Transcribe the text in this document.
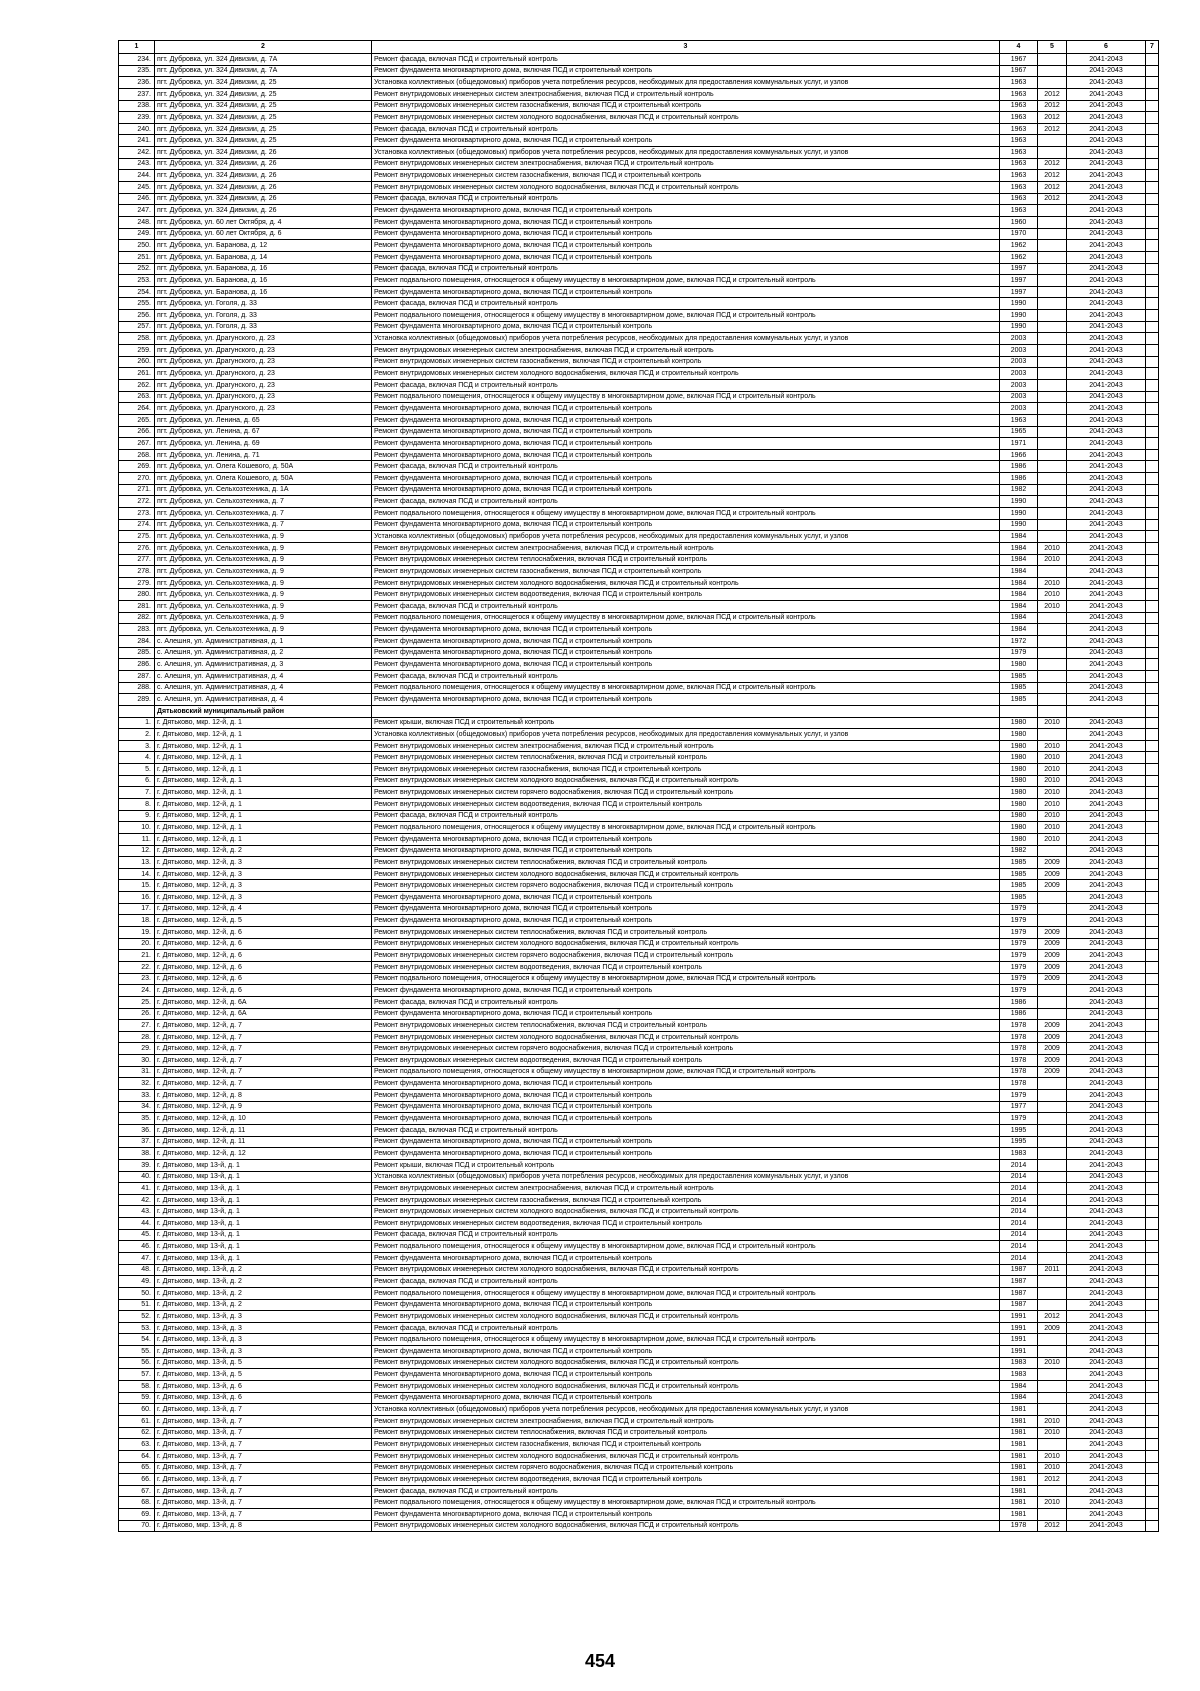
1	2	3	4	5	6	7
234.	пгт. Дубровка, ул. 324 Дивизии, д. 7А	Ремонт фасада, включая ПСД и строительный контроль	1967		2041-2043	
235.	пгт. Дубровка, ул. 324 Дивизии, д. 7А	Ремонт фундамента многоквартирного дома, включая ПСД и строительный контроль	1967		2041-2043	
236.	пгт. Дубровка, ул. 324 Дивизии, д. 25	Установка коллективных (общедомовых) приборов учета потребления ресурсов, необходимых для предоставления коммунальных услуг, и узлов	1963		2041-2043	
237.	пгт. Дубровка, ул. 324 Дивизии, д. 25	Ремонт внутридомовых инженерных систем электроснабжения, включая ПСД и строительный контроль	1963	2012	2041-2043	
238.	пгт. Дубровка, ул. 324 Дивизии, д. 25	Ремонт внутридомовых инженерных систем газоснабжения, включая ПСД и строительный контроль	1963	2012	2041-2043	
239.	пгт. Дубровка, ул. 324 Дивизии, д. 25	Ремонт внутридомовых инженерных систем холодного водоснабжения, включая ПСД и строительный контроль	1963	2012	2041-2043	
240.	пгт. Дубровка, ул. 324 Дивизии, д. 25	Ремонт фасада, включая ПСД и строительный контроль	1963	2012	2041-2043	
241.	пгт. Дубровка, ул. 324 Дивизии, д. 25	Ремонт фундамента многоквартирного дома, включая ПСД и строительный контроль	1963		2041-2043	
242.	пгт. Дубровка, ул. 324 Дивизии, д. 26	Установка коллективных (общедомовых) приборов учета потребления ресурсов, необходимых для предоставления коммунальных услуг, и узлов	1963		2041-2043	
243.	пгт. Дубровка, ул. 324 Дивизии, д. 26	Ремонт внутридомовых инженерных систем электроснабжения, включая ПСД и строительный контроль	1963	2012	2041-2043	
244.	пгт. Дубровка, ул. 324 Дивизии, д. 26	Ремонт внутридомовых инженерных систем газоснабжения, включая ПСД и строительный контроль	1963	2012	2041-2043	
245.	пгт. Дубровка, ул. 324 Дивизии, д. 26	Ремонт внутридомовых инженерных систем холодного водоснабжения, включая ПСД и строительный контроль	1963	2012	2041-2043	
246.	пгт. Дубровка, ул. 324 Дивизии, д. 26	Ремонт фасада, включая ПСД и строительный контроль	1963	2012	2041-2043	
247.	пгт. Дубровка, ул. 324 Дивизии, д. 26	Ремонт фундамента многоквартирного дома, включая ПСД и строительный контроль	1963		2041-2043	
248.	пгт. Дубровка, ул. 60 лет Октября, д. 4	Ремонт фундамента многоквартирного дома, включая ПСД и строительный контроль	1960		2041-2043	
249.	пгт. Дубровка, ул. 60 лет Октября, д. 6	Ремонт фундамента многоквартирного дома, включая ПСД и строительный контроль	1970		2041-2043	
250.	пгт. Дубровка, ул. Баранова, д. 12	Ремонт фундамента многоквартирного дома, включая ПСД и строительный контроль	1962		2041-2043	
251.	пгт. Дубровка, ул. Баранова, д. 14	Ремонт фундамента многоквартирного дома, включая ПСД и строительный контроль	1962		2041-2043	
252.	пгт. Дубровка, ул. Баранова, д. 16	Ремонт фасада, включая ПСД и строительный контроль	1997		2041-2043	
253.	пгт. Дубровка, ул. Баранова, д. 16	Ремонт подвального помещения, относящегося к общему имуществу в многоквартирном доме, включая ПСД и строительный контроль	1997		2041-2043	
254.	пгт. Дубровка, ул. Баранова, д. 16	Ремонт фундамента многоквартирного дома, включая ПСД и строительный контроль	1997		2041-2043	
255.	пгт. Дубровка, ул. Гоголя, д. 33	Ремонт фасада, включая ПСД и строительный контроль	1990		2041-2043	
256.	пгт. Дубровка, ул. Гоголя, д. 33	Ремонт подвального помещения, относящегося к общему имуществу в многоквартирном доме, включая ПСД и строительный контроль	1990		2041-2043	
257.	пгт. Дубровка, ул. Гоголя, д. 33	Ремонт фундамента многоквартирного дома, включая ПСД и строительный контроль	1990		2041-2043	
258.	пгт. Дубровка, ул. Драгунского, д. 23	Установка коллективных (общедомовых) приборов учета потребления ресурсов, необходимых для предоставления коммунальных услуг, и узлов	2003		2041-2043	
259.	пгт. Дубровка, ул. Драгунского, д. 23	Ремонт внутридомовых инженерных систем электроснабжения, включая ПСД и строительный контроль	2003		2041-2043	
260.	пгт. Дубровка, ул. Драгунского, д. 23	Ремонт внутридомовых инженерных систем газоснабжения, включая ПСД и строительный контроль	2003		2041-2043	
261.	пгт. Дубровка, ул. Драгунского, д. 23	Ремонт внутридомовых инженерных систем холодного водоснабжения, включая ПСД и строительный контроль	2003		2041-2043	
262.	пгт. Дубровка, ул. Драгунского, д. 23	Ремонт фасада, включая ПСД и строительный контроль	2003		2041-2043	
263.	пгт. Дубровка, ул. Драгунского, д. 23	Ремонт подвального помещения, относящегося к общему имуществу в многоквартирном доме, включая ПСД и строительный контроль	2003		2041-2043	
264.	пгт. Дубровка, ул. Драгунского, д. 23	Ремонт фундамента многоквартирного дома, включая ПСД и строительный контроль	2003		2041-2043	
265.	пгт. Дубровка, ул. Ленина, д. 65	Ремонт фундамента многоквартирного дома, включая ПСД и строительный контроль	1963		2041-2043	
266.	пгт. Дубровка, ул. Ленина, д. 67	Ремонт фундамента многоквартирного дома, включая ПСД и строительный контроль	1965		2041-2043	
267.	пгт. Дубровка, ул. Ленина, д. 69	Ремонт фундамента многоквартирного дома, включая ПСД и строительный контроль	1971		2041-2043	
268.	пгт. Дубровка, ул. Ленина, д. 71	Ремонт фундамента многоквартирного дома, включая ПСД и строительный контроль	1966		2041-2043	
269.	пгт. Дубровка, ул. Олега Кошевого, д. 50А	Ремонт фасада, включая ПСД и строительный контроль	1986		2041-2043	
270.	пгт. Дубровка, ул. Олега Кошевого, д. 50А	Ремонт фундамента многоквартирного дома, включая ПСД и строительный контроль	1986		2041-2043	
271.	пгт. Дубровка, ул. Сельхозтехника, д. 1А	Ремонт фундамента многоквартирного дома, включая ПСД и строительный контроль	1982		2041-2043	
272.	пгт. Дубровка, ул. Сельхозтехника, д. 7	Ремонт фасада, включая ПСД и строительный контроль	1990		2041-2043	
273.	пгт. Дубровка, ул. Сельхозтехника, д. 7	Ремонт подвального помещения, относящегося к общему имуществу в многоквартирном доме, включая ПСД и строительный контроль	1990		2041-2043	
274.	пгт. Дубровка, ул. Сельхозтехника, д. 7	Ремонт фундамента многоквартирного дома, включая ПСД и строительный контроль	1990		2041-2043	
275.	пгт. Дубровка, ул. Сельхозтехника, д. 9	Установка коллективных (общедомовых) приборов учета потребления ресурсов, необходимых для предоставления коммунальных услуг, и узлов	1984		2041-2043	
276.	пгт. Дубровка, ул. Сельхозтехника, д. 9	Ремонт внутридомовых инженерных систем электроснабжения, включая ПСД и строительный контроль	1984	2010	2041-2043	
277.	пгт. Дубровка, ул. Сельхозтехника, д. 9	Ремонт внутридомовых инженерных систем теплоснабжения, включая ПСД и строительный контроль	1984	2010	2041-2043	
278.	пгт. Дубровка, ул. Сельхозтехника, д. 9	Ремонт внутридомовых инженерных систем газоснабжения, включая ПСД и строительный контроль	1984		2041-2043	
279.	пгт. Дубровка, ул. Сельхозтехника, д. 9	Ремонт внутридомовых инженерных систем холодного водоснабжения, включая ПСД и строительный контроль	1984	2010	2041-2043	
280.	пгт. Дубровка, ул. Сельхозтехника, д. 9	Ремонт внутридомовых инженерных систем водоотведения, включая ПСД и строительный контроль	1984	2010	2041-2043	
281.	пгт. Дубровка, ул. Сельхозтехника, д. 9	Ремонт фасада, включая ПСД и строительный контроль	1984	2010	2041-2043	
282.	пгт. Дубровка, ул. Сельхозтехника, д. 9	Ремонт подвального помещения, относящегося к общему имуществу в многоквартирном доме, включая ПСД и строительный контроль	1984		2041-2043	
283.	пгт. Дубровка, ул. Сельхозтехника, д. 9	Ремонт фундамента многоквартирного дома, включая ПСД и строительный контроль	1984		2041-2043	
284.	с. Алешня, ул. Административная, д. 1	Ремонт фундамента многоквартирного дома, включая ПСД и строительный контроль	1972		2041-2043	
285.	с. Алешня, ул. Административная, д. 2	Ремонт фундамента многоквартирного дома, включая ПСД и строительный контроль	1979		2041-2043	
286.	с. Алешня, ул. Административная, д. 3	Ремонт фундамента многоквартирного дома, включая ПСД и строительный контроль	1980		2041-2043	
287.	с. Алешня, ул. Административная, д. 4	Ремонт фасада, включая ПСД и строительный контроль	1985		2041-2043	
288.	с. Алешня, ул. Административная, д. 4	Ремонт подвального помещения, относящегося к общему имуществу в многоквартирном доме, включая ПСД и строительный контроль	1985		2041-2043	
289.	с. Алешня, ул. Административная, д. 4	Ремонт фундамента многоквартирного дома, включая ПСД и строительный контроль	1985		2041-2043	
	Дятьковский муниципальный район					
1.	г. Дятьково, мкр. 12-й, д. 1	Ремонт крыши, включая ПСД и строительный контроль	1980	2010	2041-2043	
2.	г. Дятьково, мкр. 12-й, д. 1	Установка коллективных (общедомовых) приборов учета потребления ресурсов, необходимых для предоставления коммунальных услуг, и узлов	1980		2041-2043	
3.	г. Дятьково, мкр. 12-й, д. 1	Ремонт внутридомовых инженерных систем электроснабжения, включая ПСД и строительный контроль	1980	2010	2041-2043	
4.	г. Дятьково, мкр. 12-й, д. 1	Ремонт внутридомовых инженерных систем теплоснабжения, включая ПСД и строительный контроль	1980	2010	2041-2043	
5.	г. Дятьково, мкр. 12-й, д. 1	Ремонт внутридомовых инженерных систем газоснабжения, включая ПСД и строительный контроль	1980	2010	2041-2043	
6.	г. Дятьково, мкр. 12-й, д. 1	Ремонт внутридомовых инженерных систем холодного водоснабжения, включая ПСД и строительный контроль	1980	2010	2041-2043	
7.	г. Дятьково, мкр. 12-й, д. 1	Ремонт внутридомовых инженерных систем горячего водоснабжения, включая ПСД и строительный контроль	1980	2010	2041-2043	
8.	г. Дятьково, мкр. 12-й, д. 1	Ремонт внутридомовых инженерных систем водоотведения, включая ПСД и строительный контроль	1980	2010	2041-2043	
9.	г. Дятьково, мкр. 12-й, д. 1	Ремонт фасада, включая ПСД и строительный контроль	1980	2010	2041-2043	
10.	г. Дятьково, мкр. 12-й, д. 1	Ремонт подвального помещения, относящегося к общему имуществу в многоквартирном доме, включая ПСД и строительный контроль	1980	2010	2041-2043	
11.	г. Дятьково, мкр. 12-й, д. 1	Ремонт фундамента многоквартирного дома, включая ПСД и строительный контроль	1980	2010	2041-2043	
12.	г. Дятьково, мкр. 12-й, д. 2	Ремонт фундамента многоквартирного дома, включая ПСД и строительный контроль	1982		2041-2043	
13.	г. Дятьково, мкр. 12-й, д. 3	Ремонт внутридомовых инженерных систем теплоснабжения, включая ПСД и строительный контроль	1985	2009	2041-2043	
14.	г. Дятьково, мкр. 12-й, д. 3	Ремонт внутридомовых инженерных систем холодного водоснабжения, включая ПСД и строительный контроль	1985	2009	2041-2043	
15.	г. Дятьково, мкр. 12-й, д. 3	Ремонт внутридомовых инженерных систем горячего водоснабжения, включая ПСД и строительный контроль	1985	2009	2041-2043	
16.	г. Дятьково, мкр. 12-й, д. 3	Ремонт фундамента многоквартирного дома, включая ПСД и строительный контроль	1985		2041-2043	
17.	г. Дятьково, мкр. 12-й, д. 4	Ремонт фундамента многоквартирного дома, включая ПСД и строительный контроль	1979		2041-2043	
18.	г. Дятьково, мкр. 12-й, д. 5	Ремонт фундамента многоквартирного дома, включая ПСД и строительный контроль	1979		2041-2043	
19.	г. Дятьково, мкр. 12-й, д. 6	Ремонт внутридомовых инженерных систем теплоснабжения, включая ПСД и строительный контроль	1979	2009	2041-2043	
20.	г. Дятьково, мкр. 12-й, д. 6	Ремонт внутридомовых инженерных систем холодного водоснабжения, включая ПСД и строительный контроль	1979	2009	2041-2043	
21.	г. Дятьково, мкр. 12-й, д. 6	Ремонт внутридомовых инженерных систем горячего водоснабжения, включая ПСД и строительный контроль	1979	2009	2041-2043	
22.	г. Дятьково, мкр. 12-й, д. 6	Ремонт внутридомовых инженерных систем водоотведения, включая ПСД и строительный контроль	1979	2009	2041-2043	
23.	г. Дятьково, мкр. 12-й, д. 6	Ремонт подвального помещения, относящегося к общему имуществу в многоквартирном доме, включая ПСД и строительный контроль	1979	2009	2041-2043	
24.	г. Дятьково, мкр. 12-й, д. 6	Ремонт фундамента многоквартирного дома, включая ПСД и строительный контроль	1979		2041-2043	
25.	г. Дятьково, мкр. 12-й, д. 6А	Ремонт фасада, включая ПСД и строительный контроль	1986		2041-2043	
26.	г. Дятьково, мкр. 12-й, д. 6А	Ремонт фундамента многоквартирного дома, включая ПСД и строительный контроль	1986		2041-2043	
27.	г. Дятьково, мкр. 12-й, д. 7	Ремонт внутридомовых инженерных систем теплоснабжения, включая ПСД и строительный контроль	1978	2009	2041-2043	
28.	г. Дятьково, мкр. 12-й, д. 7	Ремонт внутридомовых инженерных систем холодного водоснабжения, включая ПСД и строительный контроль	1978	2009	2041-2043	
29.	г. Дятьково, мкр. 12-й, д. 7	Ремонт внутридомовых инженерных систем горячего водоснабжения, включая ПСД и строительный контроль	1978	2009	2041-2043	
30.	г. Дятьково, мкр. 12-й, д. 7	Ремонт внутридомовых инженерных систем водоотведения, включая ПСД и строительный контроль	1978	2009	2041-2043	
31.	г. Дятьково, мкр. 12-й, д. 7	Ремонт подвального помещения, относящегося к общему имуществу в многоквартирном доме, включая ПСД и строительный контроль	1978	2009	2041-2043	
32.	г. Дятьково, мкр. 12-й, д. 7	Ремонт фундамента многоквартирного дома, включая ПСД и строительный контроль	1978		2041-2043	
33.	г. Дятьково, мкр. 12-й, д. 8	Ремонт фундамента многоквартирного дома, включая ПСД и строительный контроль	1979		2041-2043	
34.	г. Дятьково, мкр. 12-й, д. 9	Ремонт фундамента многоквартирного дома, включая ПСД и строительный контроль	1977		2041-2043	
35.	г. Дятьково, мкр. 12-й, д. 10	Ремонт фундамента многоквартирного дома, включая ПСД и строительный контроль	1979		2041-2043	
36.	г. Дятьково, мкр. 12-й, д. 11	Ремонт фасада, включая ПСД и строительный контроль	1995		2041-2043	
37.	г. Дятьково, мкр. 12-й, д. 11	Ремонт фундамента многоквартирного дома, включая ПСД и строительный контроль	1995		2041-2043	
38.	г. Дятьково, мкр. 12-й, д. 12	Ремонт фундамента многоквартирного дома, включая ПСД и строительный контроль	1983		2041-2043	
39.	г. Дятьково, мкр 13-й, д. 1	Ремонт крыши, включая ПСД и строительный контроль	2014		2041-2043	
40.	г. Дятьково, мкр 13-й, д. 1	Установка коллективных (общедомовых) приборов учета потребления ресурсов, необходимых для предоставления коммунальных услуг, и узлов	2014		2041-2043	
41.	г. Дятьково, мкр 13-й, д. 1	Ремонт внутридомовых инженерных систем электроснабжения, включая ПСД и строительный контроль	2014		2041-2043	
42.	г. Дятьково, мкр 13-й, д. 1	Ремонт внутридомовых инженерных систем газоснабжения, включая ПСД и строительный контроль	2014		2041-2043	
43.	г. Дятьково, мкр 13-й, д. 1	Ремонт внутридомовых инженерных систем холодного водоснабжения, включая ПСД и строительный контроль	2014		2041-2043	
44.	г. Дятьково, мкр 13-й, д. 1	Ремонт внутридомовых инженерных систем водоотведения, включая ПСД и строительный контроль	2014		2041-2043	
45.	г. Дятьково, мкр 13-й, д. 1	Ремонт фасада, включая ПСД и строительный контроль	2014		2041-2043	
46.	г. Дятьково, мкр 13-й, д. 1	Ремонт подвального помещения, относящегося к общему имуществу в многоквартирном доме, включая ПСД и строительный контроль	2014		2041-2043	
47.	г. Дятьково, мкр 13-й, д. 1	Ремонт фундамента многоквартирного дома, включая ПСД и строительный контроль	2014		2041-2043	
48.	г. Дятьково, мкр. 13-й, д. 2	Ремонт внутридомовых инженерных систем холодного водоснабжения, включая ПСД и строительный контроль	1987	2011	2041-2043	
49.	г. Дятьково, мкр. 13-й, д. 2	Ремонт фасада, включая ПСД и строительный контроль	1987		2041-2043	
50.	г. Дятьково, мкр. 13-й, д. 2	Ремонт подвального помещения, относящегося к общему имуществу в многоквартирном доме, включая ПСД и строительный контроль	1987		2041-2043	
51.	г. Дятьково, мкр. 13-й, д. 2	Ремонт фундамента многоквартирного дома, включая ПСД и строительный контроль	1987		2041-2043	
52.	г. Дятьково, мкр. 13-й, д. 3	Ремонт внутридомовых инженерных систем холодного водоснабжения, включая ПСД и строительный контроль	1991	2012	2041-2043	
53.	г. Дятьково, мкр. 13-й, д. 3	Ремонт фасада, включая ПСД и строительный контроль	1991	2009	2041-2043	
54.	г. Дятьково, мкр. 13-й, д. 3	Ремонт подвального помещения, относящегося к общему имуществу в многоквартирном доме, включая ПСД и строительный контроль	1991		2041-2043	
55.	г. Дятьково, мкр. 13-й, д. 3	Ремонт фундамента многоквартирного дома, включая ПСД и строительный контроль	1991		2041-2043	
56.	г. Дятьково, мкр. 13-й, д. 5	Ремонт внутридомовых инженерных систем холодного водоснабжения, включая ПСД и строительный контроль	1983	2010	2041-2043	
57.	г. Дятьково, мкр. 13-й, д. 5	Ремонт фундамента многоквартирного дома, включая ПСД и строительный контроль	1983		2041-2043	
58.	г. Дятьково, мкр. 13-й, д. 6	Ремонт внутридомовых инженерных систем холодного водоснабжения, включая ПСД и строительный контроль	1984		2041-2043	
59.	г. Дятьково, мкр. 13-й, д. 6	Ремонт фундамента многоквартирного дома, включая ПСД и строительный контроль	1984		2041-2043	
60.	г. Дятьково, мкр. 13-й, д. 7	Установка коллективных (общедомовых) приборов учета потребления ресурсов, необходимых для предоставления коммунальных услуг, и узлов	1981		2041-2043	
61.	г. Дятьково, мкр. 13-й, д. 7	Ремонт внутридомовых инженерных систем электроснабжения, включая ПСД и строительный контроль	1981	2010	2041-2043	
62.	г. Дятьково, мкр. 13-й, д. 7	Ремонт внутридомовых инженерных систем теплоснабжения, включая ПСД и строительный контроль	1981	2010	2041-2043	
63.	г. Дятьково, мкр. 13-й, д. 7	Ремонт внутридомовых инженерных систем газоснабжения, включая ПСД и строительный контроль	1981		2041-2043	
64.	г. Дятьково, мкр. 13-й, д. 7	Ремонт внутридомовых инженерных систем холодного водоснабжения, включая ПСД и строительный контроль	1981	2010	2041-2043	
65.	г. Дятьково, мкр. 13-й, д. 7	Ремонт внутридомовых инженерных систем горячего водоснабжения, включая ПСД и строительный контроль	1981	2010	2041-2043	
66.	г. Дятьково, мкр. 13-й, д. 7	Ремонт внутридомовых инженерных систем водоотведения, включая ПСД и строительный контроль	1981	2012	2041-2043	
67.	г. Дятьково, мкр. 13-й, д. 7	Ремонт фасада, включая ПСД и строительный контроль	1981		2041-2043	
68.	г. Дятьково, мкр. 13-й, д. 7	Ремонт подвального помещения, относящегося к общему имуществу в многоквартирном доме, включая ПСД и строительный контроль	1981	2010	2041-2043	
69.	г. Дятьково, мкр. 13-й, д. 7	Ремонт фундамента многоквартирного дома, включая ПСД и строительный контроль	1981		2041-2043	
70.	г. Дятьково, мкр. 13-й, д. 8	Ремонт внутридомовых инженерных систем холодного водоснабжения, включая ПСД и строительный контроль	1978	2012	2041-2043	
454
